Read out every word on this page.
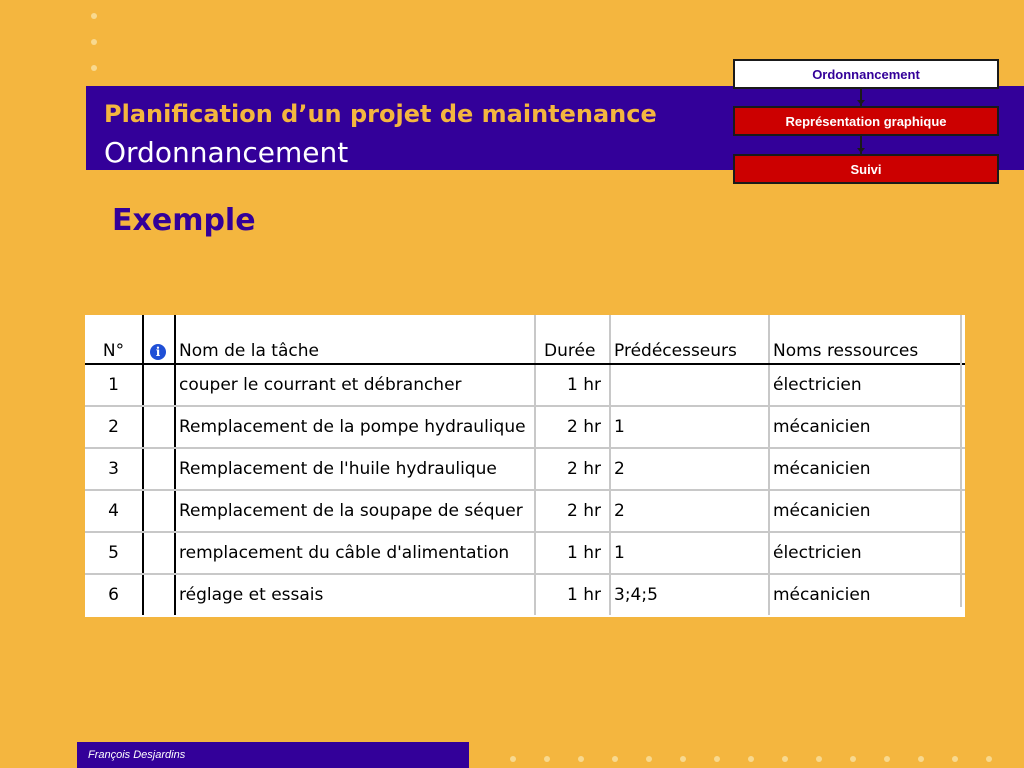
Planification d’un projet de maintenance
Ordonnancement
Ordonnancement
Représentation graphique
Suivi
Exemple
N°	i	Nom de la tâche	Durée	Prédécesseurs	Noms ressources
1		couper le courrant et débrancher	1 hr		électricien
2		Remplacement de la pompe hydraulique	2 hr	1	mécanicien
3		Remplacement de l'huile hydraulique	2 hr	2	mécanicien
4		Remplacement de la soupape de séquer	2 hr	2	mécanicien
5		remplacement du câble d'alimentation	1 hr	1	électricien
6		réglage et essais	1 hr	3;4;5	mécanicien
François Desjardins
